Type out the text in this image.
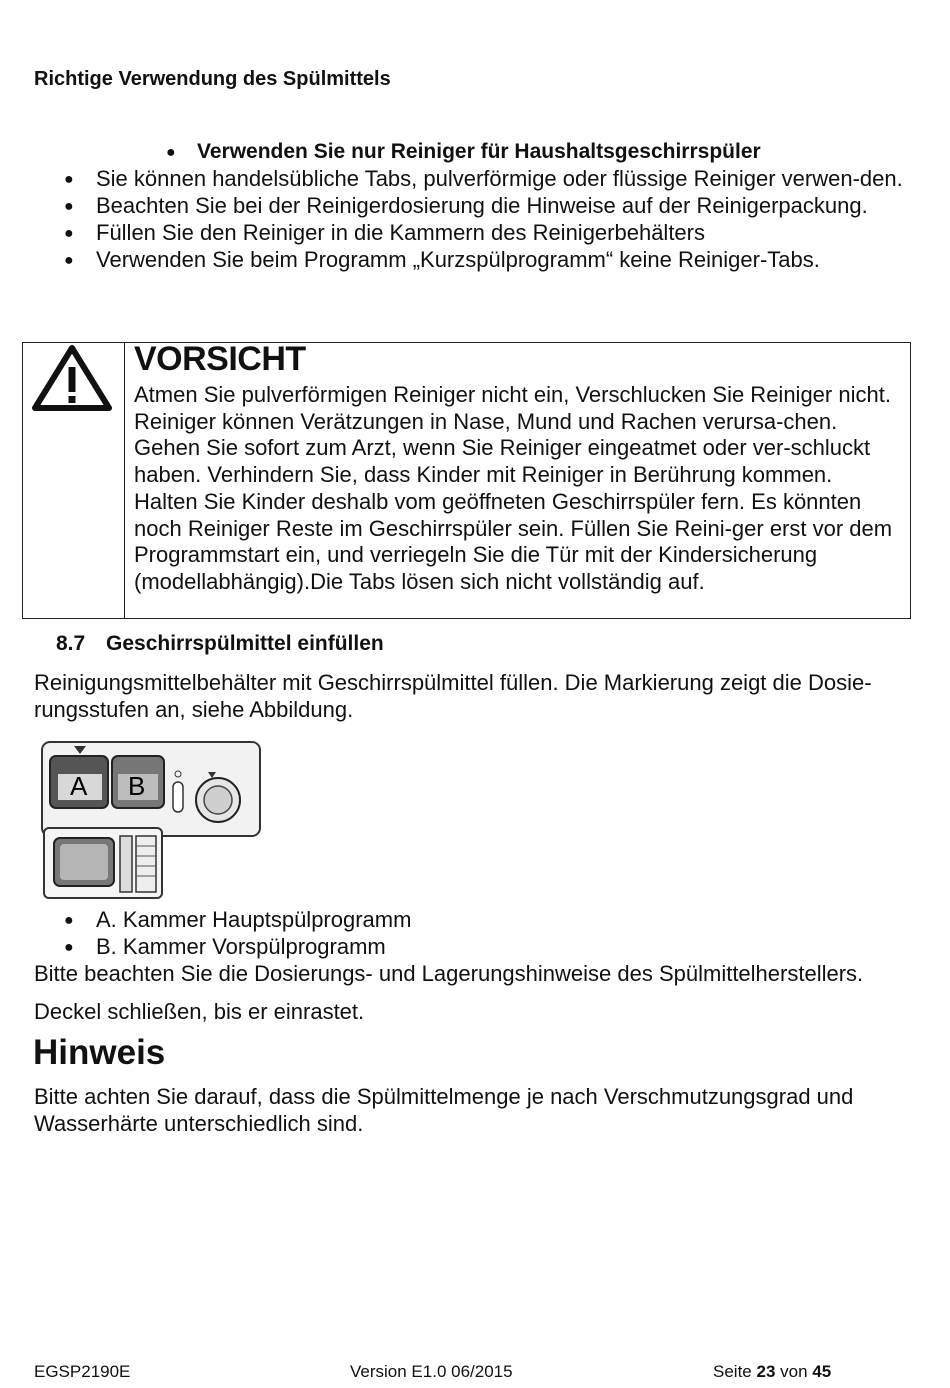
Richtige Verwendung des Spülmittels
● Verwenden Sie nur Reiniger für Haushaltsgeschirrspüler
● Sie können handelsübliche Tabs, pulverförmige oder flüssige Reiniger verwen-den.
● Beachten Sie bei der Reinigerdosierung die Hinweise auf der Reinigerpackung.
● Füllen Sie den Reiniger in die Kammern des Reinigerbehälters
● Verwenden Sie beim Programm „Kurzspülprogramm“ keine Reiniger-Tabs.
VORSICHT
Atmen Sie pulverförmigen Reiniger nicht ein, Verschlucken Sie Reiniger nicht. Reiniger können Verätzungen in Nase, Mund und Rachen verursa-chen. Gehen Sie sofort zum Arzt, wenn Sie Reiniger eingeatmet oder ver-schluckt haben. Verhindern Sie, dass Kinder mit Reiniger in Berührung kommen. Halten Sie Kinder deshalb vom geöffneten Geschirrspüler fern. Es könnten noch Reiniger Reste im Geschirrspüler sein. Füllen Sie Reini-ger erst vor dem Programmstart ein, und verriegeln Sie die Tür mit der Kindersicherung (modellabhängig).Die Tabs lösen sich nicht vollständig auf.
8.7 Geschirrspülmittel einfüllen
Reinigungsmittelbehälter mit Geschirrspülmittel füllen. Die Markierung zeigt die Dosie-rungsstufen an, siehe Abbildung.
A B
● A. Kammer Hauptspülprogramm
● B. Kammer Vorspülprogramm
Bitte beachten Sie die Dosierungs- und Lagerungshinweise des Spülmittelherstellers.
Deckel schließen, bis er einrastet.
Hinweis
Bitte achten Sie darauf, dass die Spülmittelmenge je nach Verschmutzungsgrad und Wasserhärte unterschiedlich sind.
EGSP2190E	Version E1.0 06/2015	Seite 23 von 45
